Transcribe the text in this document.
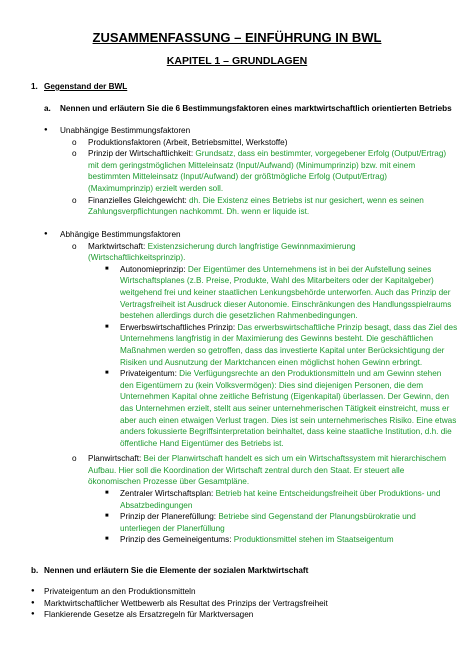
ZUSAMMENFASSUNG – EINFÜHRUNG IN BWL
KAPITEL 1 – GRUNDLAGEN
1. Gegenstand der BWL
a. Nennen und erläutern Sie die 6 Bestimmungsfaktoren eines marktwirtschaftlich orientierten Betriebs
● Unabhängige Bestimmungsfaktoren
o Produktionsfaktoren (Arbeit, Betriebsmittel, Werkstoffe)
o Prinzip der Wirtschaftlichkeit: Grundsatz, dass ein bestimmter, vorgegebener Erfolg (Output/Ertrag)
mit dem geringstmöglichen Mitteleinsatz (Input/Aufwand) (Minimumprinzip) bzw. mit einem
bestimmten Mitteleinsatz (Input/Aufwand) der größtmögliche Erfolg (Output/Ertrag)
(Maximumprinzip) erzielt werden soll.
o Finanzielles Gleichgewicht: dh. Die Existenz eines Betriebs ist nur gesichert, wenn es seinen
Zahlungsverpflichtungen nachkommt. Dh. wenn er liquide ist.
● Abhängige Bestimmungsfaktoren
o Marktwirtschaft: Existenzsicherung durch langfristige Gewinnmaximierung
(Wirtschaftlichkeitsprinzip).
■ Autonomieprinzip: Der Eigentümer des Unternehmens ist in bei der Aufstellung seines
Wirtschaftsplanes (z.B. Preise, Produkte, Wahl des Mitarbeiters oder der Kapitalgeber)
weitgehend frei und keiner staatlichen Lenkungsbehörde unterworfen. Auch das Prinzip der
Vertragsfreiheit ist Ausdruck dieser Autonomie. Einschränkungen des Handlungsspielraums
bestehen allerdings durch die gesetzlichen Rahmenbedingungen.
■ Erwerbswirtschaftliches Prinzip: Das erwerbswirtschaftliche Prinzip besagt, dass das Ziel des
Unternehmens langfristig in der Maximierung des Gewinns besteht. Die geschäftlichen
Maßnahmen werden so getroffen, dass das investierte Kapital unter Berücksichtigung der
Risiken und Ausnutzung der Marktchancen einen möglichst hohen Gewinn erbringt.
■ Privateigentum: Die Verfügungsrechte an den Produktionsmitteln und am Gewinn stehen
den Eigentümern zu (kein Volksvermögen): Dies sind diejenigen Personen, die dem
Unternehmen Kapital ohne zeitliche Befristung (Eigenkapital) überlassen. Der Gewinn, den
das Unternehmen erzielt, stellt aus seiner unternehmerischen Tätigkeit einstreicht, muss er
aber auch einen etwaigen Verlust tragen. Dies ist sein unternehmerisches Risiko. Eine etwas
anders fokussierte Begriffsinterpretation beinhaltet, dass keine staatliche Institution, d.h. die
öffentliche Hand Eigentümer des Betriebs ist.
o Planwirtschaft: Bei der Planwirtschaft handelt es sich um ein Wirtschaftssystem mit hierarchischem
Aufbau. Hier soll die Koordination der Wirtschaft zentral durch den Staat. Er steuert alle
ökonomischen Prozesse über Gesamtpläne.
■ Zentraler Wirtschaftsplan: Betrieb hat keine Entscheidungsfreiheit über Produktions- und
Absatzbedingungen
■ Prinzip der Planerefüllung: Betriebe sind Gegenstand der Planungsbürokratie und
unterliegen der Planerfüllung
■ Prinzip des Gemeineigentums: Produktionsmittel stehen im Staatseigentum
b. Nennen und erläutern Sie die Elemente der sozialen Marktwirtschaft
● Privateigentum an den Produktionsmitteln
● Marktwirtschaftlicher Wettbewerb als Resultat des Prinzips der Vertragsfreiheit
● Flankierende Gesetze als Ersatzregeln für Marktversagen
